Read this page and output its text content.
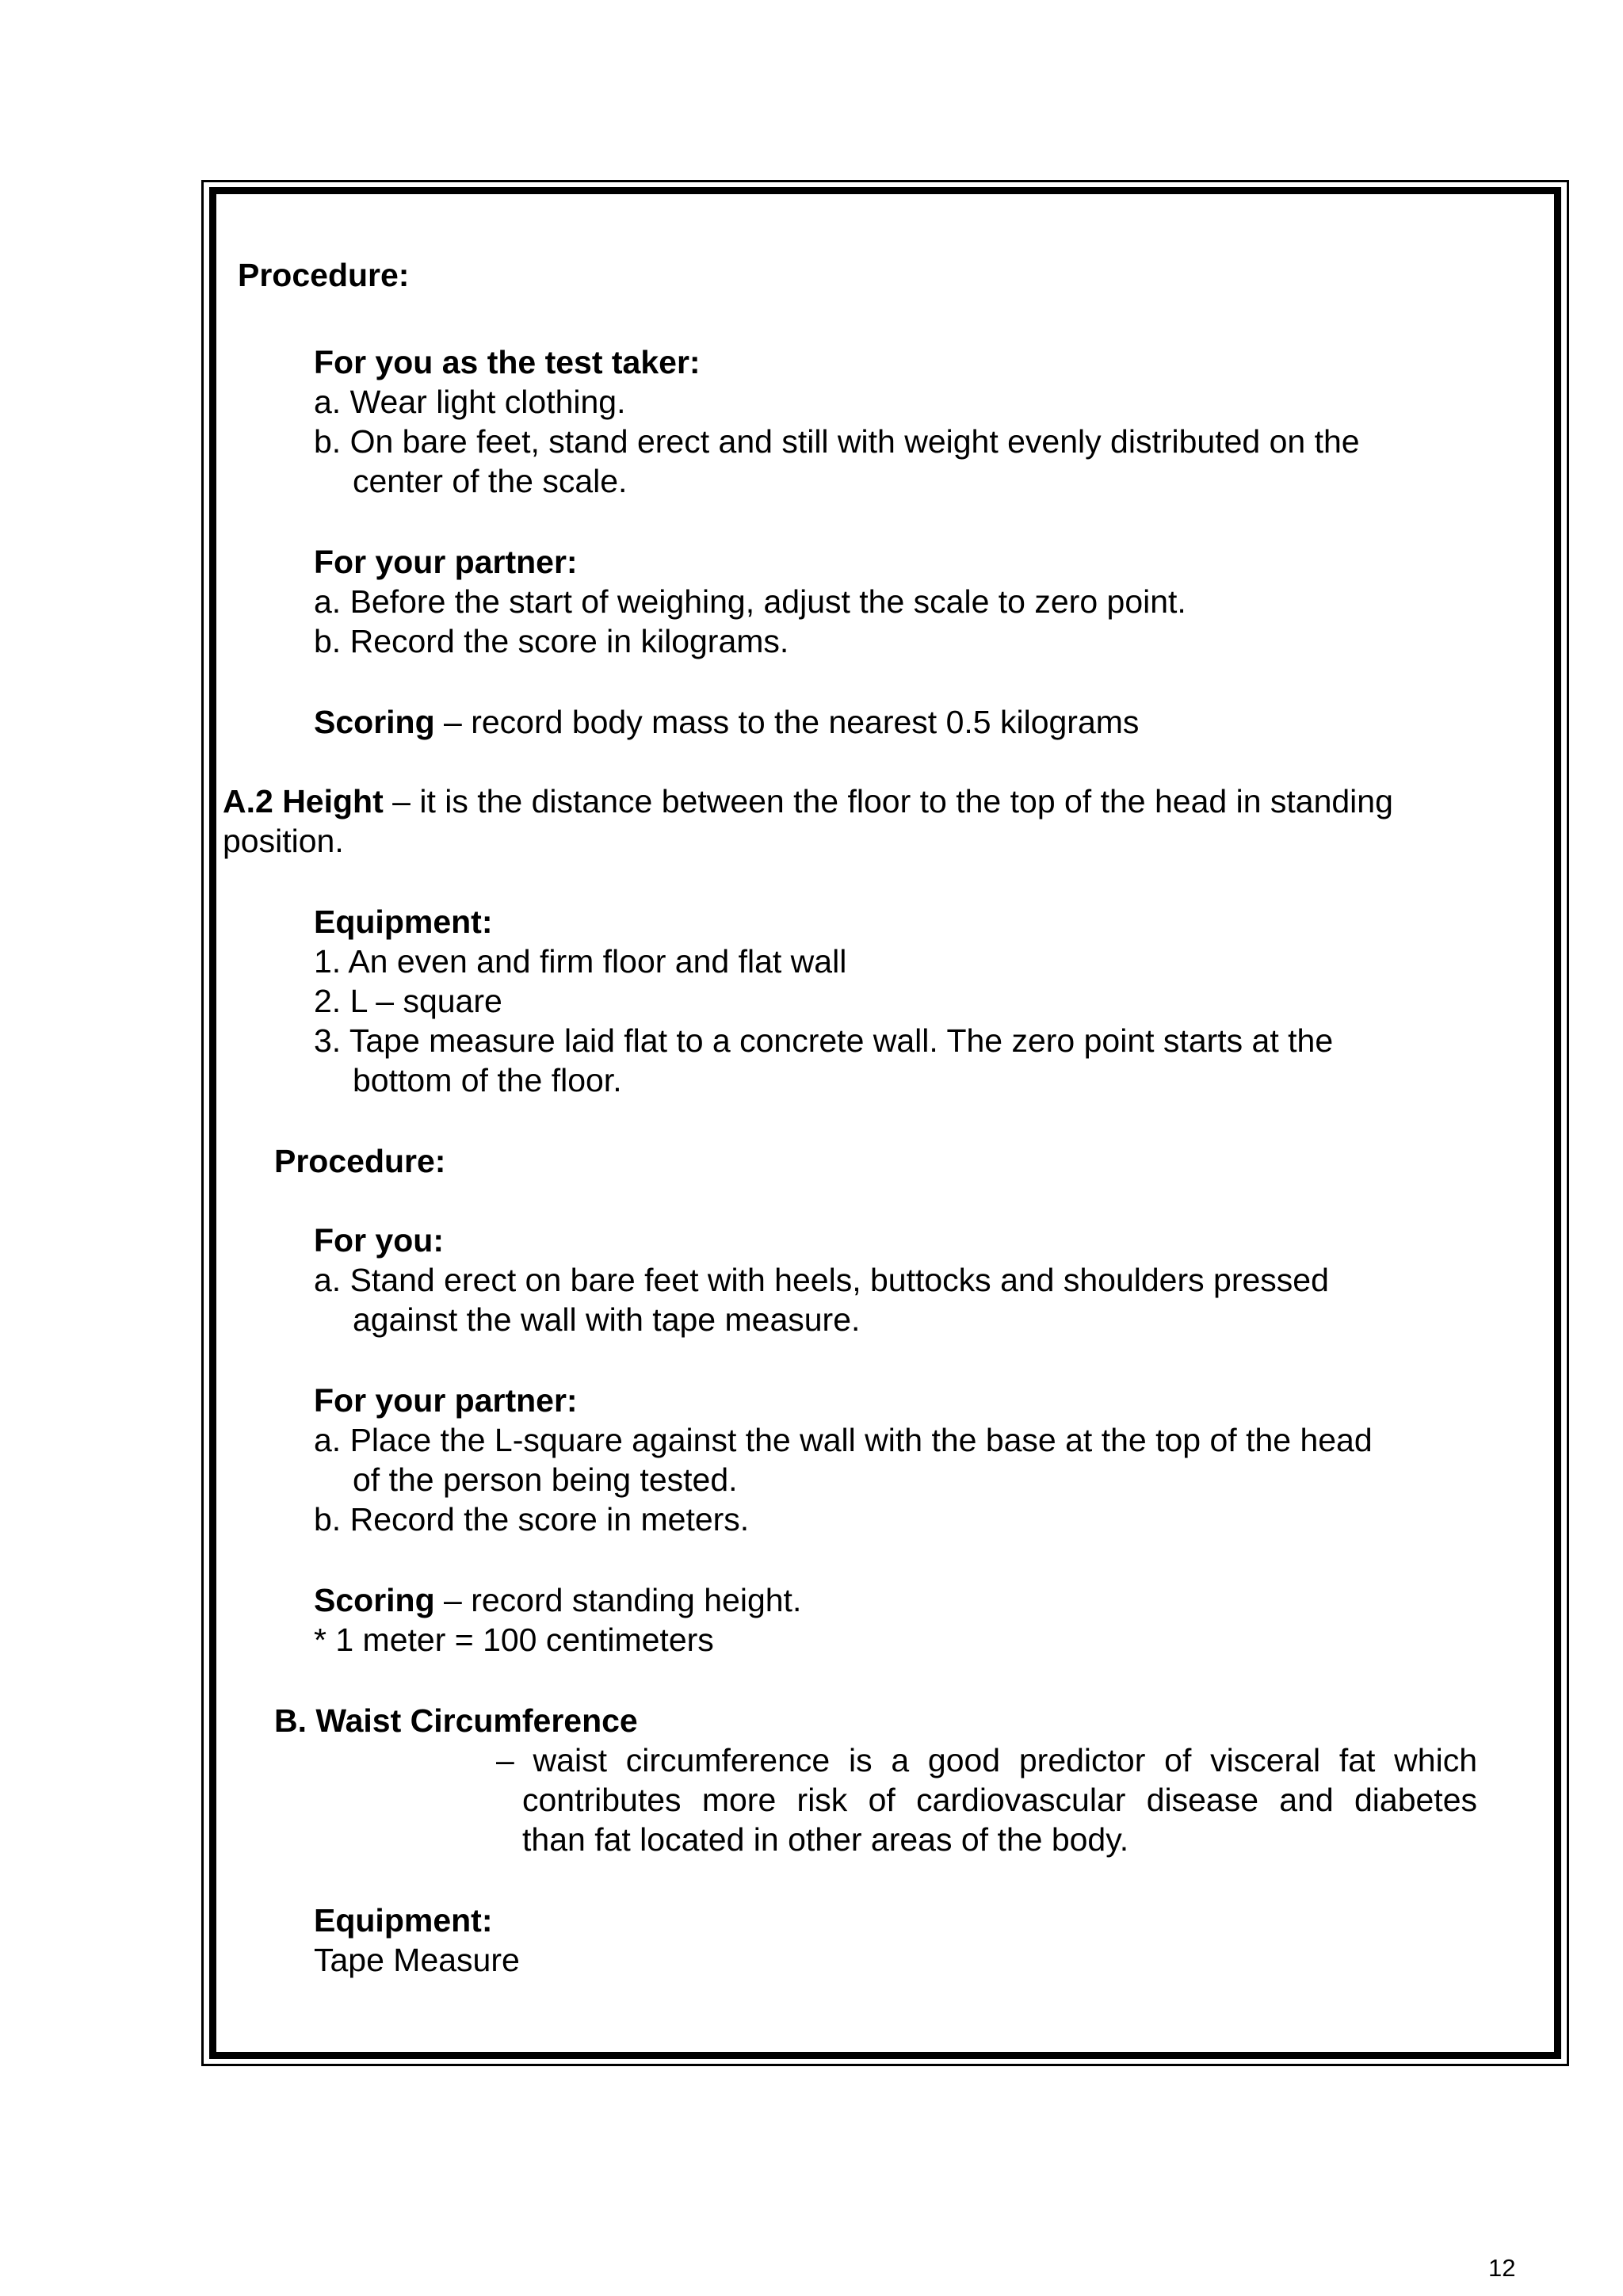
Procedure:
For you as the test taker:
a. Wear light clothing.
b. On bare feet, stand erect and still with weight evenly distributed on the
center of the scale.
For your partner:
a. Before the start of weighing, adjust the scale to zero point.
b. Record the score in kilograms.
Scoring – record body mass to the nearest 0.5 kilograms
A.2 Height – it is the distance between the floor to the top of the head in standing
position.
Equipment:
1. An even and firm floor and flat wall
2. L – square
3. Tape measure laid flat to a concrete wall. The zero point starts at the
bottom of the floor.
Procedure:
For you:
a. Stand erect on bare feet with heels, buttocks and shoulders pressed
against the wall with tape measure.
For your partner:
a. Place the L-square against the wall with the base at the top of the head
of the person being tested.
b. Record the score in meters.
Scoring – record standing height.
* 1 meter = 100 centimeters
B. Waist Circumference
– waist circumference is a good predictor of visceral fat which
contributes more risk of cardiovascular disease and diabetes
than fat located in other areas of the body.
Equipment:
Tape Measure
12
